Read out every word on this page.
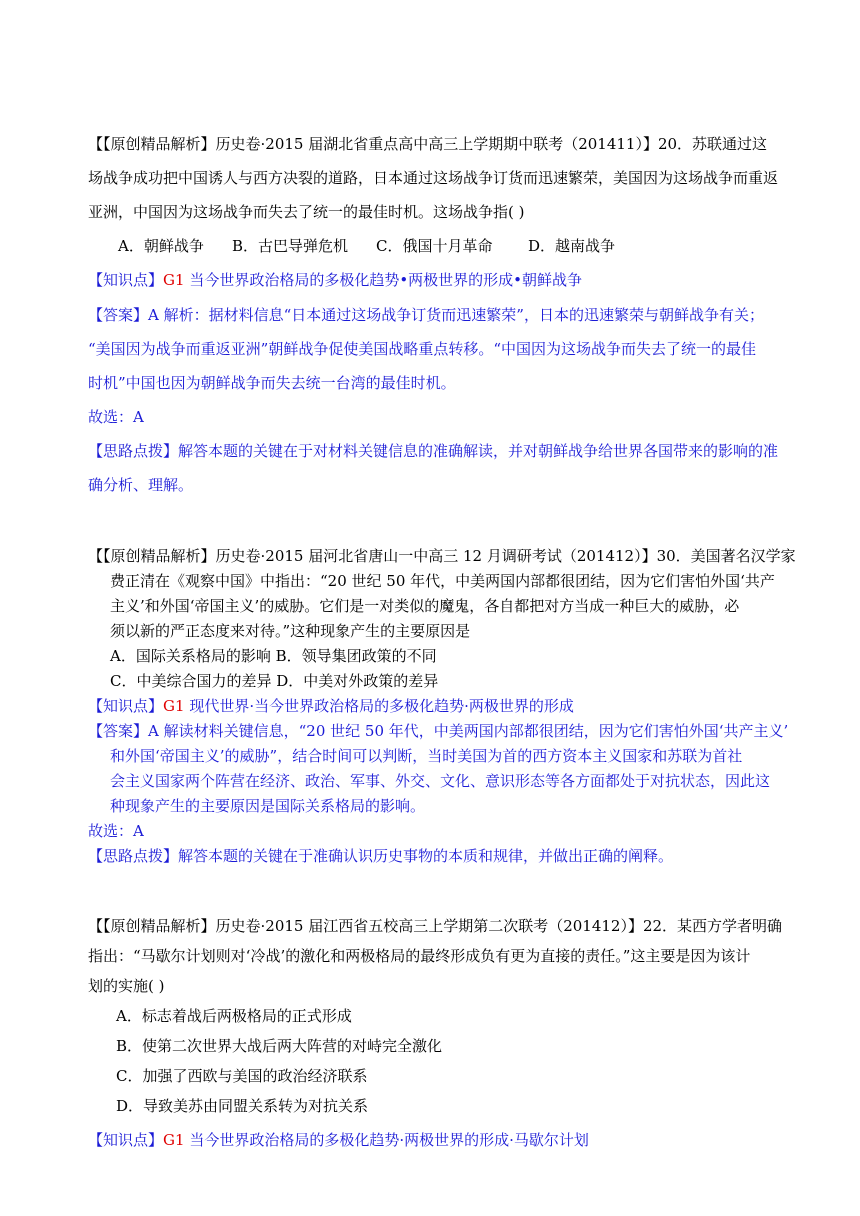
【【原创精品解析】历史卷·2015 届湖北省重点高中高三上学期期中联考（201411）】20．苏联通过这
场战争成功把中国诱人与西方决裂的道路，日本通过这场战争订货而迅速繁荣，美国因为这场战争而重返
亚洲，中国因为这场战争而失去了统一的最佳时机。这场战争指( )
A．朝鲜战争 B．古巴导弹危机 C．俄国十月革命 D．越南战争
【知识点】G1 当今世界政治格局的多极化趋势•两极世界的形成•朝鲜战争
【答案】A 解析：据材料信息“日本通过这场战争订货而迅速繁荣”，日本的迅速繁荣与朝鲜战争有关；
“美国因为战争而重返亚洲”朝鲜战争促使美国战略重点转移。“中国因为这场战争而失去了统一的最佳
时机”中国也因为朝鲜战争而失去统一台湾的最佳时机。
故选：A
【思路点拨】解答本题的关键在于对材料关键信息的准确解读，并对朝鲜战争给世界各国带来的影响的准
确分析、理解。
【【原创精品解析】历史卷·2015 届河北省唐山一中高三 12 月调研考试（201412）】30．美国著名汉学家
费正清在《观察中国》中指出：“20 世纪 50 年代，中美两国内部都很团结，因为它们害怕外国‘共产
主义’和外国‘帝国主义’的威胁。它们是一对类似的魔鬼，各自都把对方当成一种巨大的威胁，必
须以新的严正态度来对待。”这种现象产生的主要原因是
A．国际关系格局的影响 B．领导集团政策的不同
C．中美综合国力的差异 D．中美对外政策的差异
【知识点】G1 现代世界·当今世界政治格局的多极化趋势·两极世界的形成
【答案】A 解读材料关键信息，“20 世纪 50 年代，中美两国内部都很团结，因为它们害怕外国‘共产主义’
和外国‘帝国主义’的威胁”，结合时间可以判断，当时美国为首的西方资本主义国家和苏联为首社
会主义国家两个阵营在经济、政治、军事、外交、文化、意识形态等各方面都处于对抗状态，因此这
种现象产生的主要原因是国际关系格局的影响。
故选：A
【思路点拨】解答本题的关键在于准确认识历史事物的本质和规律，并做出正确的阐释。
【【原创精品解析】历史卷·2015 届江西省五校高三上学期第二次联考（201412）】22．某西方学者明确
指出：“马歇尔计划则对‘冷战’的激化和两极格局的最终形成负有更为直接的责任。”这主要是因为该计
划的实施( )
A．标志着战后两极格局的正式形成
B．使第二次世界大战后两大阵营的对峙完全激化
C．加强了西欧与美国的政治经济联系
D．导致美苏由同盟关系转为对抗关系
【知识点】G1 当今世界政治格局的多极化趋势·两极世界的形成·马歇尔计划
